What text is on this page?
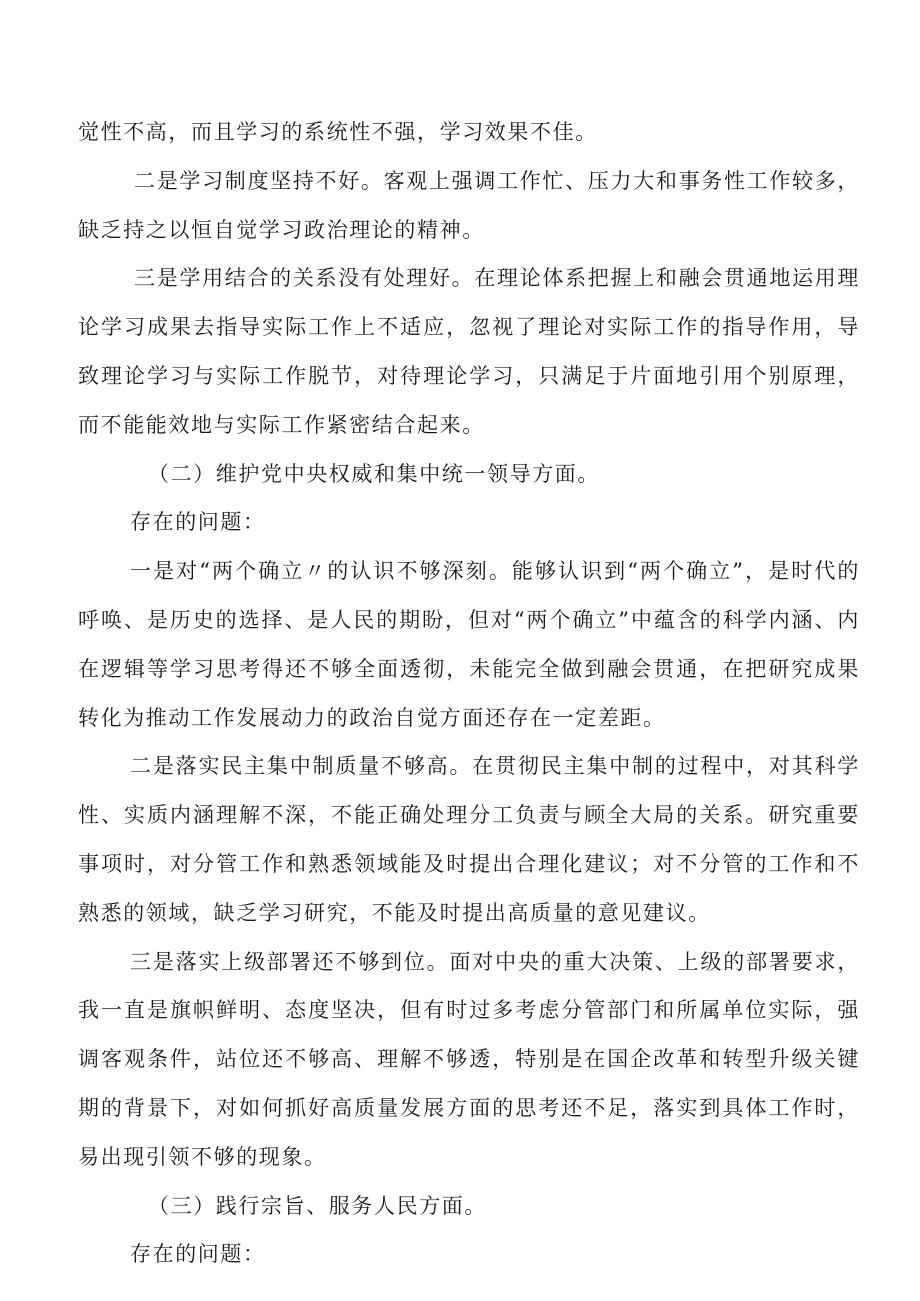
觉性不高，而且学习的系统性不强，学习效果不佳。

二是学习制度坚持不好。客观上强调工作忙、压力大和事务性工作较多，缺乏持之以恒自觉学习政治理论的精神。

三是学用结合的关系没有处理好。在理论体系把握上和融会贯通地运用理论学习成果去指导实际工作上不适应，忽视了理论对实际工作的指导作用，导致理论学习与实际工作脱节，对待理论学习，只满足于片面地引用个别原理，而不能能效地与实际工作紧密结合起来。

（二）维护党中央权威和集中统一领导方面。

存在的问题：

一是对“两个确立〃的认识不够深刻。能够认识到“两个确立”，是时代的呼唤、是历史的选择、是人民的期盼，但对“两个确立”中蕴含的科学内涵、内在逻辑等学习思考得还不够全面透彻，未能完全做到融会贯通，在把研究成果转化为推动工作发展动力的政治自觉方面还存在一定差距。

二是落实民主集中制质量不够高。在贯彻民主集中制的过程中，对其科学性、实质内涵理解不深，不能正确处理分工负责与顾全大局的关系。研究重要事项时，对分管工作和熟悉领域能及时提出合理化建议；对不分管的工作和不熟悉的领域，缺乏学习研究，不能及时提出高质量的意见建议。

三是落实上级部署还不够到位。面对中央的重大决策、上级的部署要求，我一直是旗帜鲜明、态度坚决，但有时过多考虑分管部门和所属单位实际，强调客观条件，站位还不够高、理解不够透，特别是在国企改革和转型升级关键期的背景下，对如何抓好高质量发展方面的思考还不足，落实到具体工作时，易出现引领不够的现象。

（三）践行宗旨、服务人民方面。

存在的问题：
